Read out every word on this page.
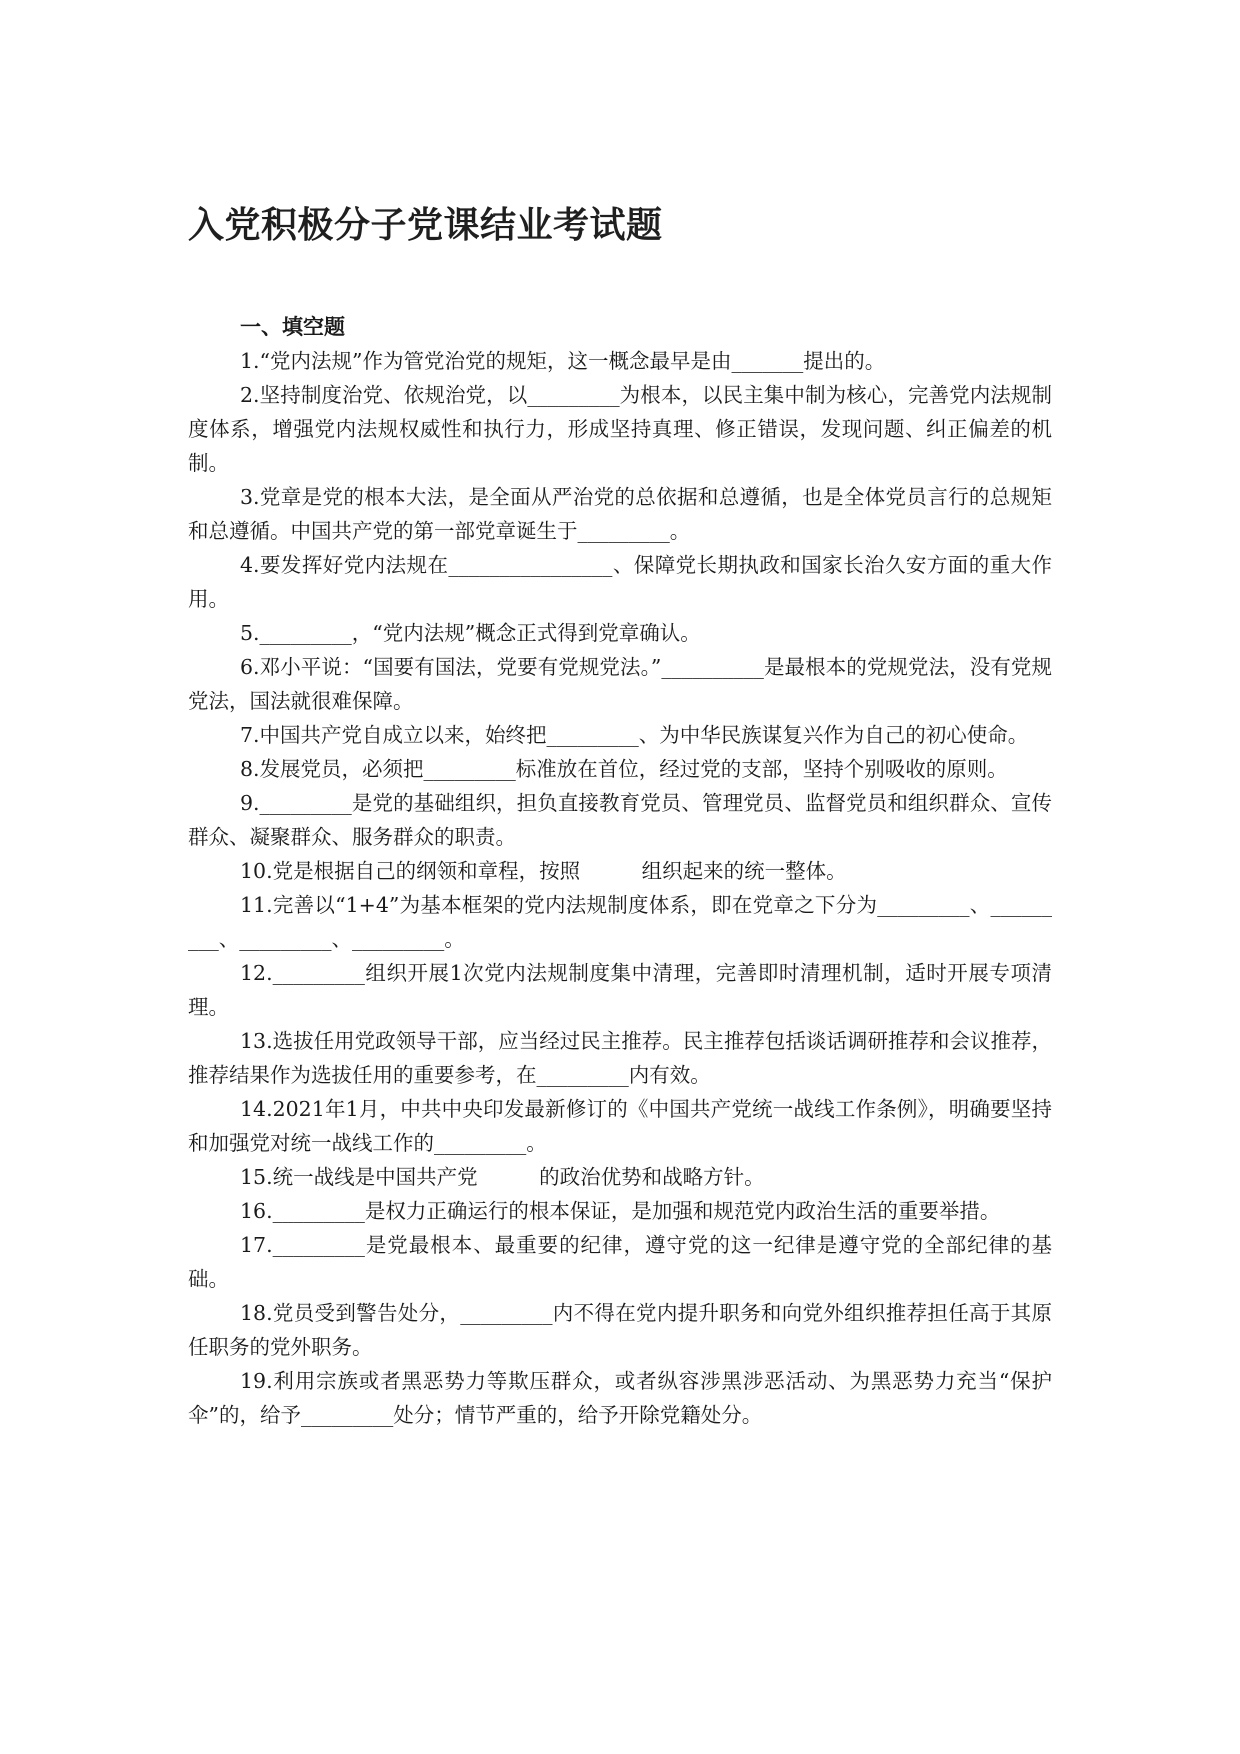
入党积极分子党课结业考试题
一、填空题
1.“党内法规”作为管党治党的规矩，这一概念最早是由_______提出的。
2.坚持制度治党、依规治党，以_________为根本，以民主集中制为核心，完善党内法规制度体系，增强党内法规权威性和执行力，形成坚持真理、修正错误，发现问题、纠正偏差的机制。
3.党章是党的根本大法，是全面从严治党的总依据和总遵循，也是全体党员言行的总规矩和总遵循。中国共产党的第一部党章诞生于_________。
4.要发挥好党内法规在________________、保障党长期执政和国家长治久安方面的重大作用。
5._________，“党内法规”概念正式得到党章确认。
6.邓小平说：“国要有国法，党要有党规党法。”__________是最根本的党规党法，没有党规党法，国法就很难保障。
7.中国共产党自成立以来，始终把_________、为中华民族谋复兴作为自己的初心使命。
8.发展党员，必须把_________标准放在首位，经过党的支部，坚持个别吸收的原则。
9._________是党的基础组织，担负直接教育党员、管理党员、监督党员和组织群众、宣传群众、凝聚群众、服务群众的职责。
10.党是根据自己的纲领和章程，按照　　　组织起来的统一整体。
11.完善以“1+4”为基本框架的党内法规制度体系，即在党章之下分为_________、_________、_________、_________。
12._________组织开展1次党内法规制度集中清理，完善即时清理机制，适时开展专项清理。
13.选拔任用党政领导干部，应当经过民主推荐。民主推荐包括谈话调研推荐和会议推荐，推荐结果作为选拔任用的重要参考，在_________内有效。
14.2021年1月，中共中央印发最新修订的《中国共产党统一战线工作条例》，明确要坚持和加强党对统一战线工作的_________。
15.统一战线是中国共产党　　　的政治优势和战略方针。
16._________是权力正确运行的根本保证，是加强和规范党内政治生活的重要举措。
17._________是党最根本、最重要的纪律，遵守党的这一纪律是遵守党的全部纪律的基础。
18.党员受到警告处分，_________内不得在党内提升职务和向党外组织推荐担任高于其原任职务的党外职务。
19.利用宗族或者黑恶势力等欺压群众，或者纵容涉黑涉恶活动、为黑恶势力充当“保护伞”的，给予_________处分；情节严重的，给予开除党籍处分。
